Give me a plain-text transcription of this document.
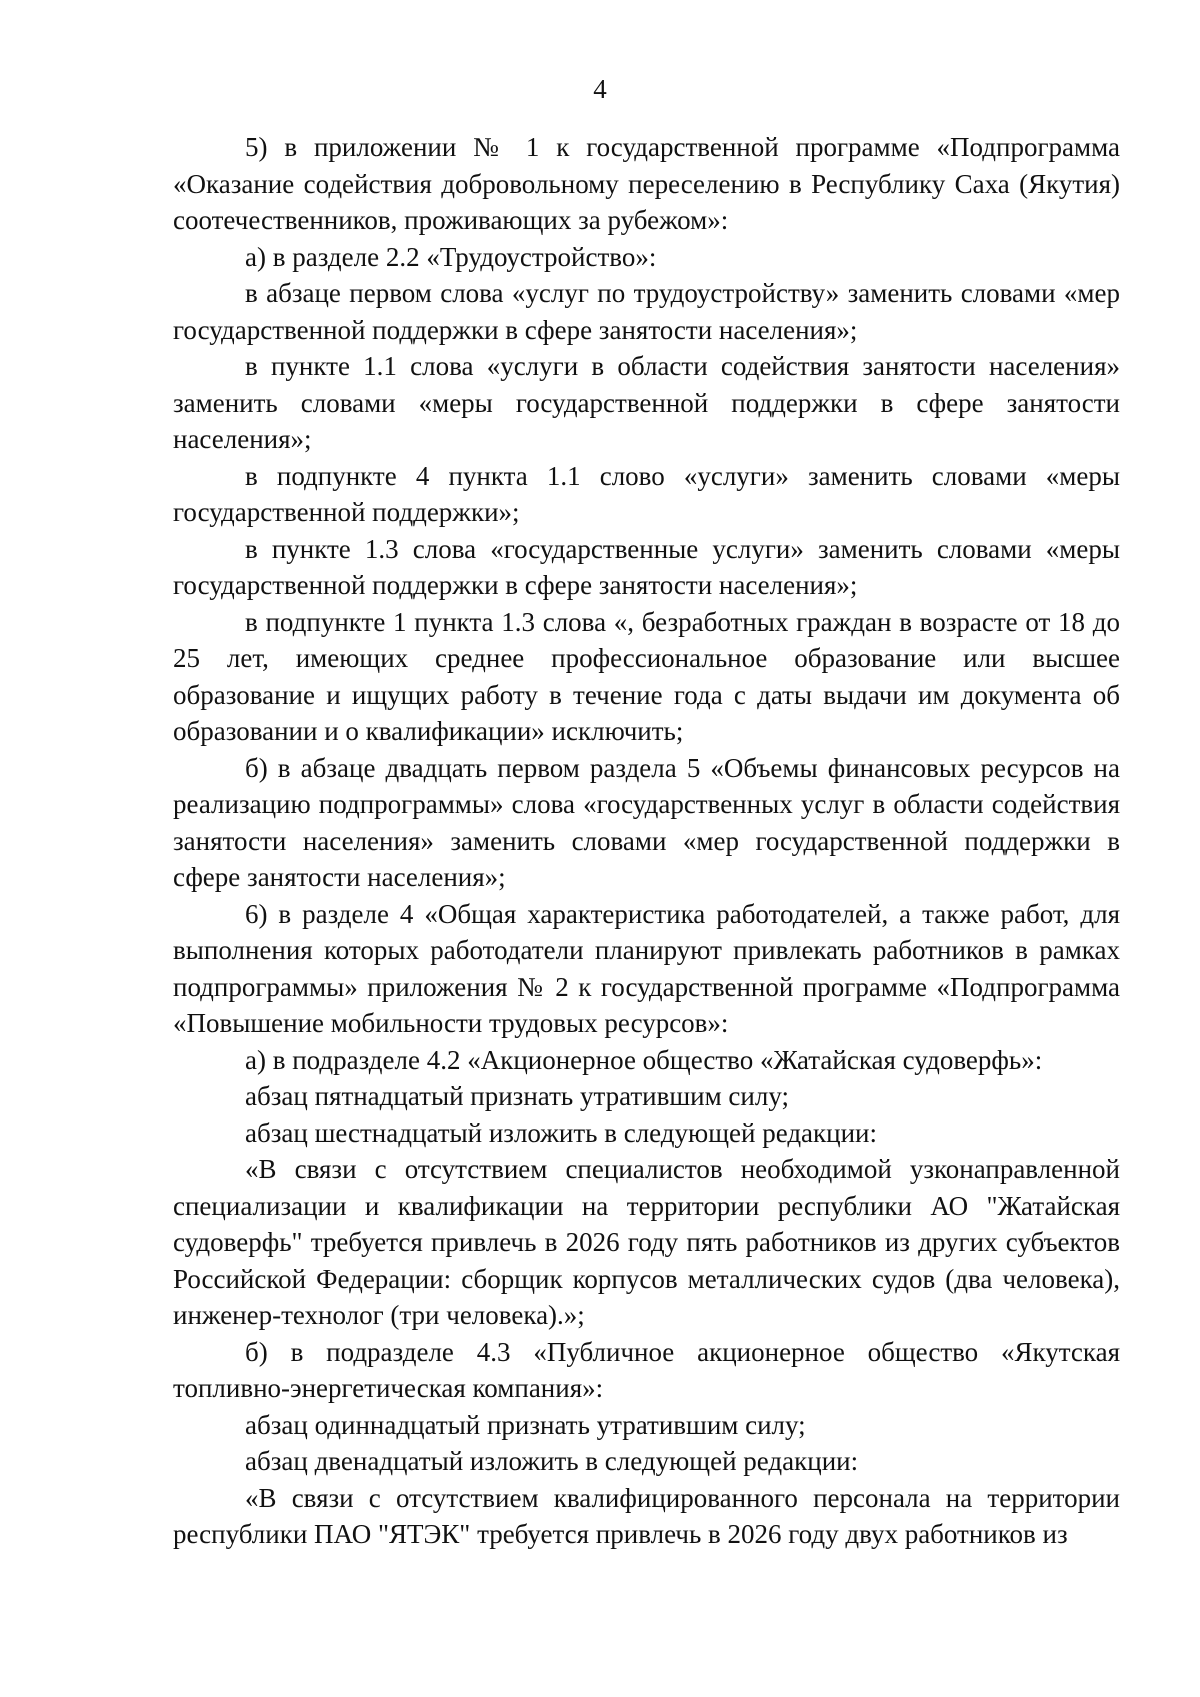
4

5) в приложении № 1 к государственной программе «Подпрограмма «Оказание содействия добровольному переселению в Республику Саха (Якутия) соотечественников, проживающих за рубежом»:

а) в разделе 2.2 «Трудоустройство»:

в абзаце первом слова «услуг по трудоустройству» заменить словами «мер государственной поддержки в сфере занятости населения»;

в пункте 1.1 слова «услуги в области содействия занятости населения» заменить словами «меры государственной поддержки в сфере занятости населения»;

в подпункте 4 пункта 1.1 слово «услуги» заменить словами «меры государственной поддержки»;

в пункте 1.3 слова «государственные услуги» заменить словами «меры государственной поддержки в сфере занятости населения»;

в подпункте 1 пункта 1.3 слова «, безработных граждан в возрасте от 18 до 25 лет, имеющих среднее профессиональное образование или высшее образование и ищущих работу в течение года с даты выдачи им документа об образовании и о квалификации» исключить;

б) в абзаце двадцать первом раздела 5 «Объемы финансовых ресурсов на реализацию подпрограммы» слова «государственных услуг в области содействия занятости населения» заменить словами «мер государственной поддержки в сфере занятости населения»;

6) в разделе 4 «Общая характеристика работодателей, а также работ, для выполнения которых работодатели планируют привлекать работников в рамках подпрограммы» приложения № 2 к государственной программе «Подпрограмма «Повышение мобильности трудовых ресурсов»:

а) в подразделе 4.2 «Акционерное общество «Жатайская судоверфь»:

абзац пятнадцатый признать утратившим силу;

абзац шестнадцатый изложить в следующей редакции:

«В связи с отсутствием специалистов необходимой узконаправленной специализации и квалификации на территории республики АО "Жатайская судоверфь" требуется привлечь в 2026 году пять работников из других субъектов Российской Федерации: сборщик корпусов металлических судов (два человека), инженер-технолог (три человека).»;

б) в подразделе 4.3 «Публичное акционерное общество «Якутская топливно-энергетическая компания»:

абзац одиннадцатый признать утратившим силу;

абзац двенадцатый изложить в следующей редакции:

«В связи с отсутствием квалифицированного персонала на территории республики ПАО "ЯТЭК" требуется привлечь в 2026 году двух работников из
